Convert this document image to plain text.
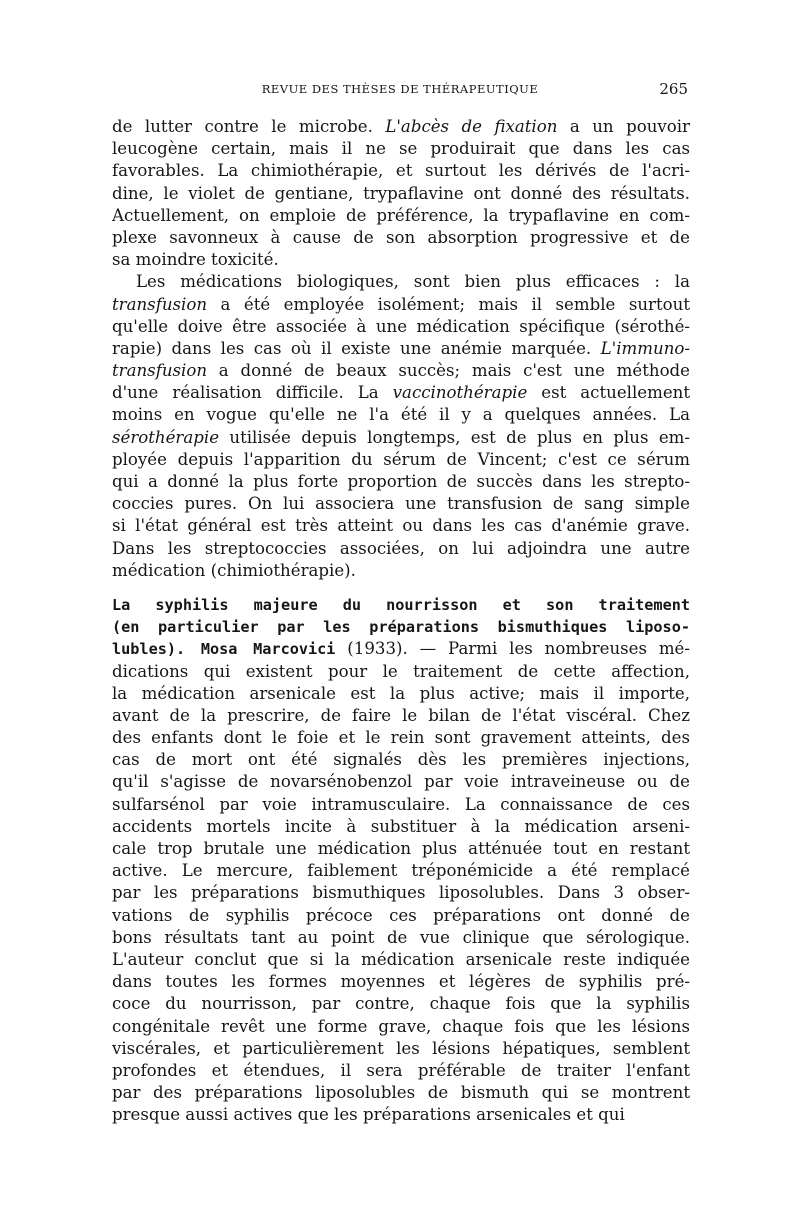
REVUE DES THÈSES DE THÉRAPEUTIQUE	265
de lutter contre le microbe. L'abcès de fixation a un pouvoir
leucogène certain, mais il ne se produirait que dans les cas
favorables. La chimiothérapie, et surtout les dérivés de l'acri-
dine, le violet de gentiane, trypaflavine ont donné des résultats.
Actuellement, on emploie de préférence, la trypaflavine en com-
plexe savonneux à cause de son absorption progressive et de
sa moindre toxicité.
Les médications biologiques, sont bien plus efficaces : la
transfusion a été employée isolément; mais il semble surtout
qu'elle doive être associée à une médication spécifique (sérothé-
rapie) dans les cas où il existe une anémie marquée. L'immuno-
transfusion a donné de beaux succès; mais c'est une méthode
d'une réalisation difficile. La vaccinothérapie est actuellement
moins en vogue qu'elle ne l'a été il y a quelques années. La
sérothérapie utilisée depuis longtemps, est de plus en plus em-
ployée depuis l'apparition du sérum de Vincent; c'est ce sérum
qui a donné la plus forte proportion de succès dans les strepto-
coccies pures. On lui associera une transfusion de sang simple
si l'état général est très atteint ou dans les cas d'anémie grave.
Dans les streptococcies associées, on lui adjoindra une autre
médication (chimiothérapie).
La syphilis majeure du nourrisson et son traitement
(en particulier par les préparations bismuthiques liposo-
lubles). Mosa Marcovici (1933). — Parmi les nombreuses mé-
dications qui existent pour le traitement de cette affection,
la médication arsenicale est la plus active; mais il importe,
avant de la prescrire, de faire le bilan de l'état viscéral. Chez
des enfants dont le foie et le rein sont gravement atteints, des
cas de mort ont été signalés dès les premières injections,
qu'il s'agisse de novarsénobenzol par voie intraveineuse ou de
sulfarsénol par voie intramusculaire. La connaissance de ces
accidents mortels incite à substituer à la médication arseni-
cale trop brutale une médication plus atténuée tout en restant
active. Le mercure, faiblement tréponémicide a été remplacé
par les préparations bismuthiques liposolubles. Dans 3 obser-
vations de syphilis précoce ces préparations ont donné de
bons résultats tant au point de vue clinique que sérologique.
L'auteur conclut que si la médication arsenicale reste indiquée
dans toutes les formes moyennes et légères de syphilis pré-
coce du nourrisson, par contre, chaque fois que la syphilis
congénitale revêt une forme grave, chaque fois que les lésions
viscérales, et particulièrement les lésions hépatiques, semblent
profondes et étendues, il sera préférable de traiter l'enfant
par des préparations liposolubles de bismuth qui se montrent
presque aussi actives que les préparations arsenicales et qui
